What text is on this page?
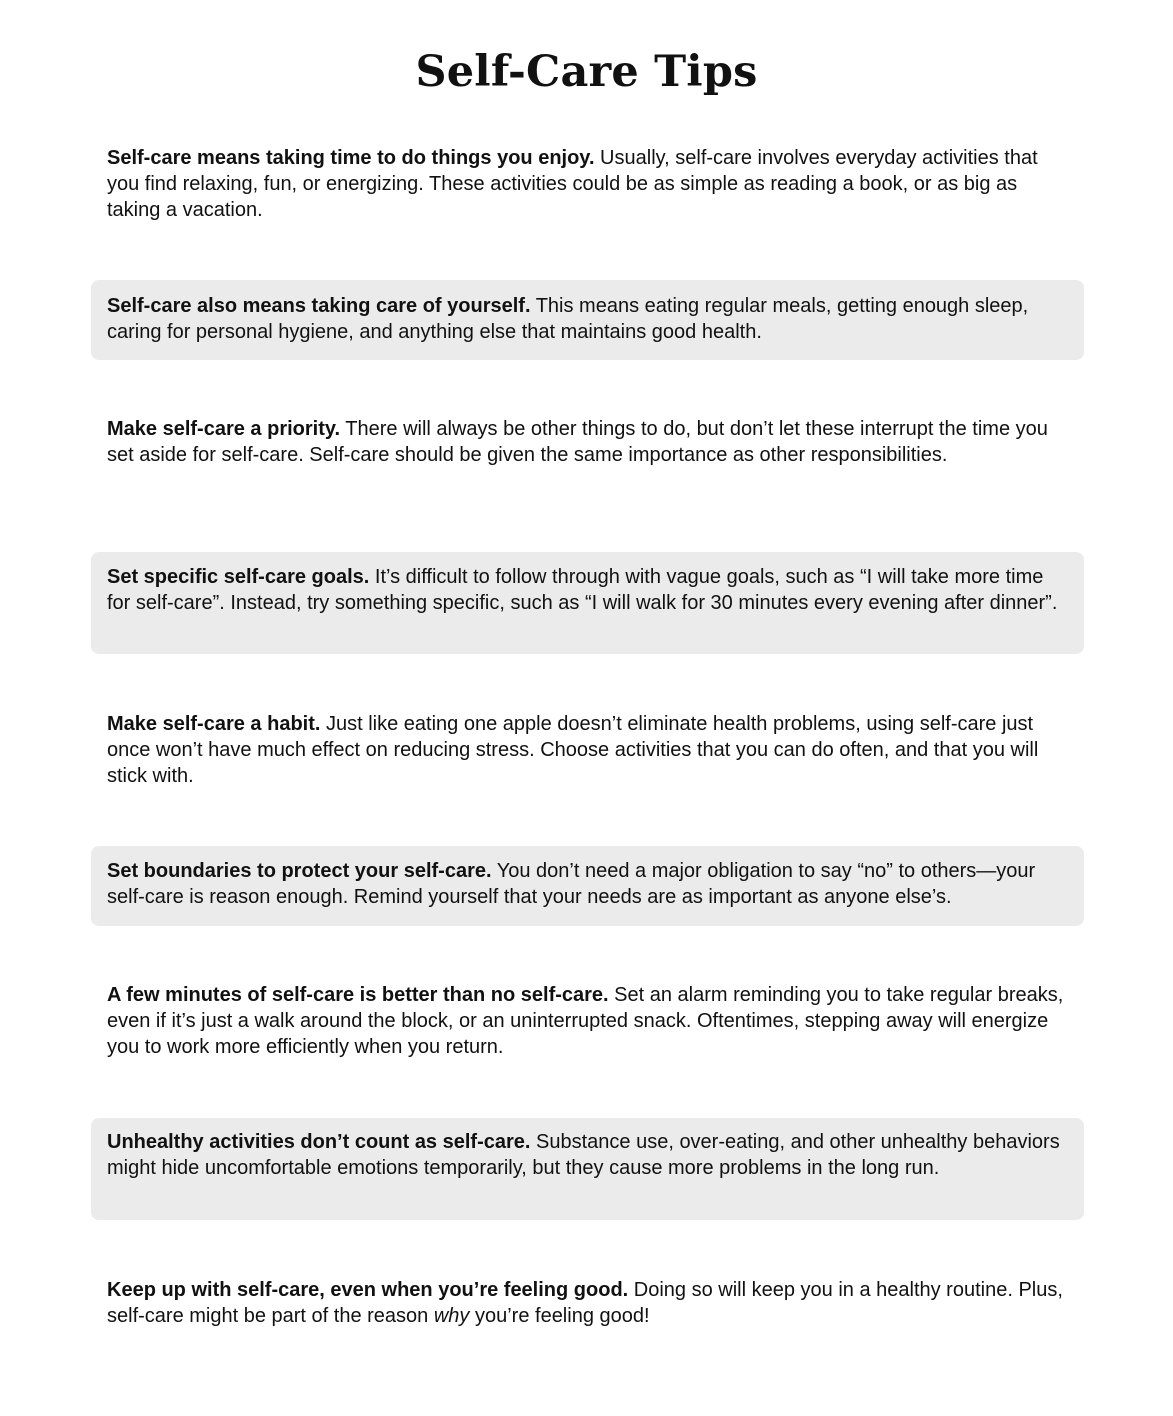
Self-Care Tips

Self-care means taking time to do things you enjoy. Usually, self-care involves everyday activities that you find relaxing, fun, or energizing. These activities could be as simple as reading a book, or as big as taking a vacation.

Self-care also means taking care of yourself. This means eating regular meals, getting enough sleep, caring for personal hygiene, and anything else that maintains good health.

Make self-care a priority. There will always be other things to do, but don’t let these interrupt the time you set aside for self-care. Self-care should be given the same importance as other responsibilities.

Set specific self-care goals. It’s difficult to follow through with vague goals, such as “I will take more time for self-care”. Instead, try something specific, such as “I will walk for 30 minutes every evening after dinner”.

Make self-care a habit. Just like eating one apple doesn’t eliminate health problems, using self-care just once won’t have much effect on reducing stress. Choose activities that you can do often, and that you will stick with.

Set boundaries to protect your self-care. You don’t need a major obligation to say “no” to others—your self-care is reason enough. Remind yourself that your needs are as important as anyone else’s.

A few minutes of self-care is better than no self-care. Set an alarm reminding you to take regular breaks, even if it’s just a walk around the block, or an uninterrupted snack. Oftentimes, stepping away will energize you to work more efficiently when you return.

Unhealthy activities don’t count as self-care. Substance use, over-eating, and other unhealthy behaviors might hide uncomfortable emotions temporarily, but they cause more problems in the long run.

Keep up with self-care, even when you’re feeling good. Doing so will keep you in a healthy routine. Plus, self-care might be part of the reason why you’re feeling good!
